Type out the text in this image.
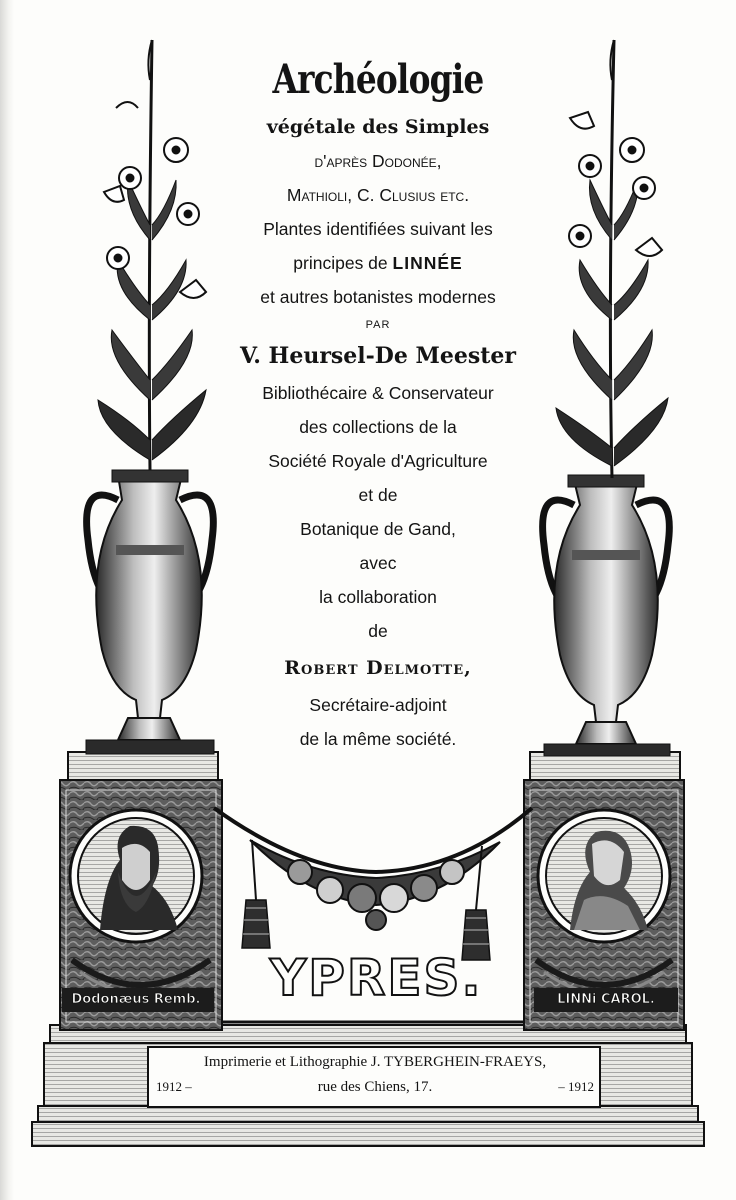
Archéologie
végétale des Simples
d'après Dodonée,
Mathioli, C. Clusius etc.
Plantes identifiées suivant les
principes de LINNÉE
et autres botanistes modernes
PAR
V. Heursel-De Meester
Bibliothécaire & Conservateur
des collections de la
Société Royale d'Agriculture
et de
Botanique de Gand,
avec
la collaboration
de
Robert Delmotte,
Secrétaire-adjoint
de la même société.
YPRES.
Dodonæus Remb.	LINNi CAROL.
Imprimerie et Lithographie J. TYBERGHEIN-FRAEYS,
1912 –	rue des Chiens, 17.	– 1912
